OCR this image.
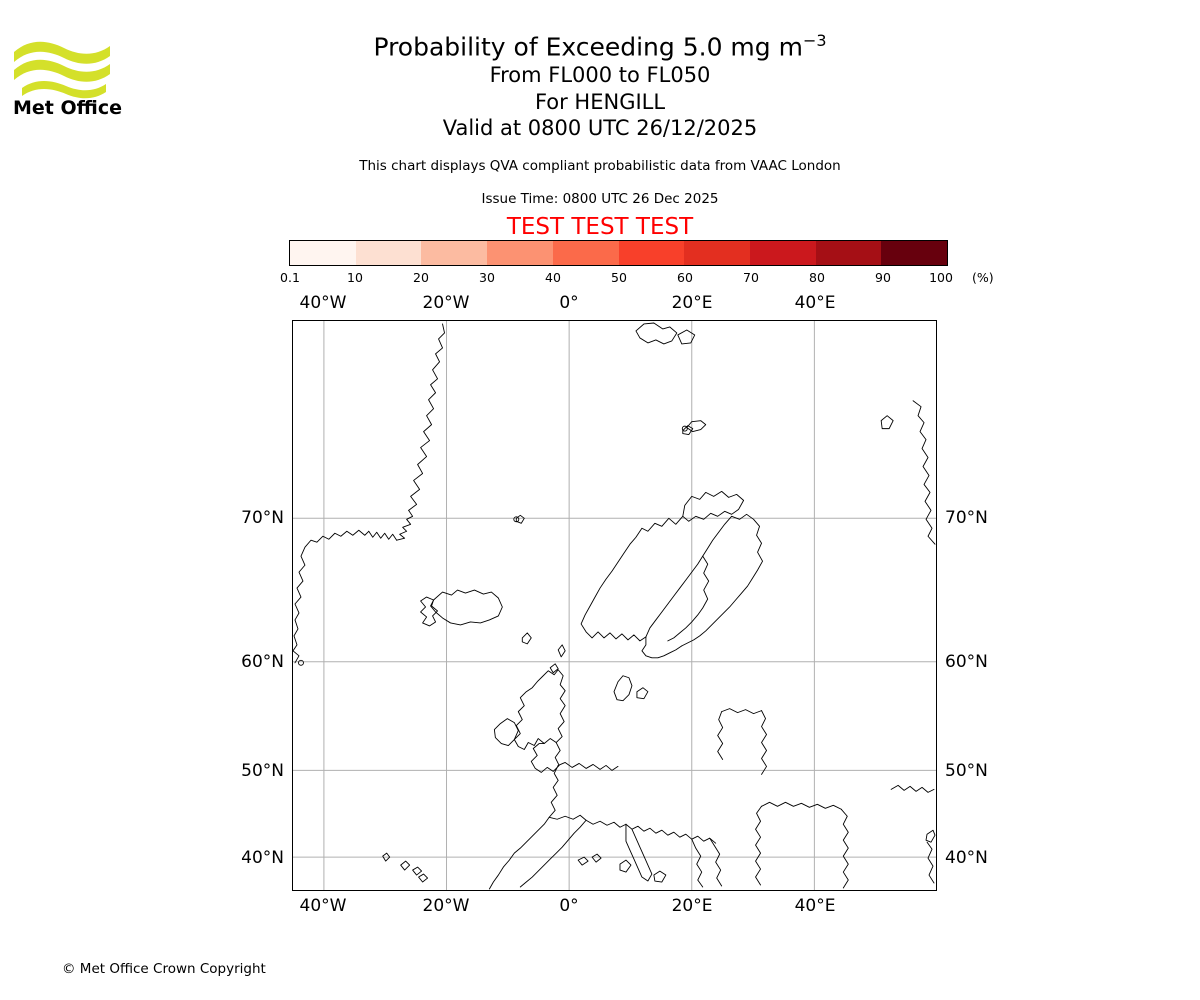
Met Office
Probability of Exceeding 5.0 mg $m^{-3}$
From FL000 to FL050
For HENGILL
Valid at 0800 UTC 26/12/2025
This chart displays QVA compliant probabilistic data from VAAC London
Issue Time: 0800 UTC 26 Dec 2025
TEST TEST TEST
0.1	10	20	30	40	50	60	70	80	90	100 (%)
40°W	20°W	0°	20°E	40°E
40°W	20°W	0°	20°E	40°E
70°N
60°N
50°N
40°N
70°N
60°N
50°N
40°N
© Met Office Crown Copyright
